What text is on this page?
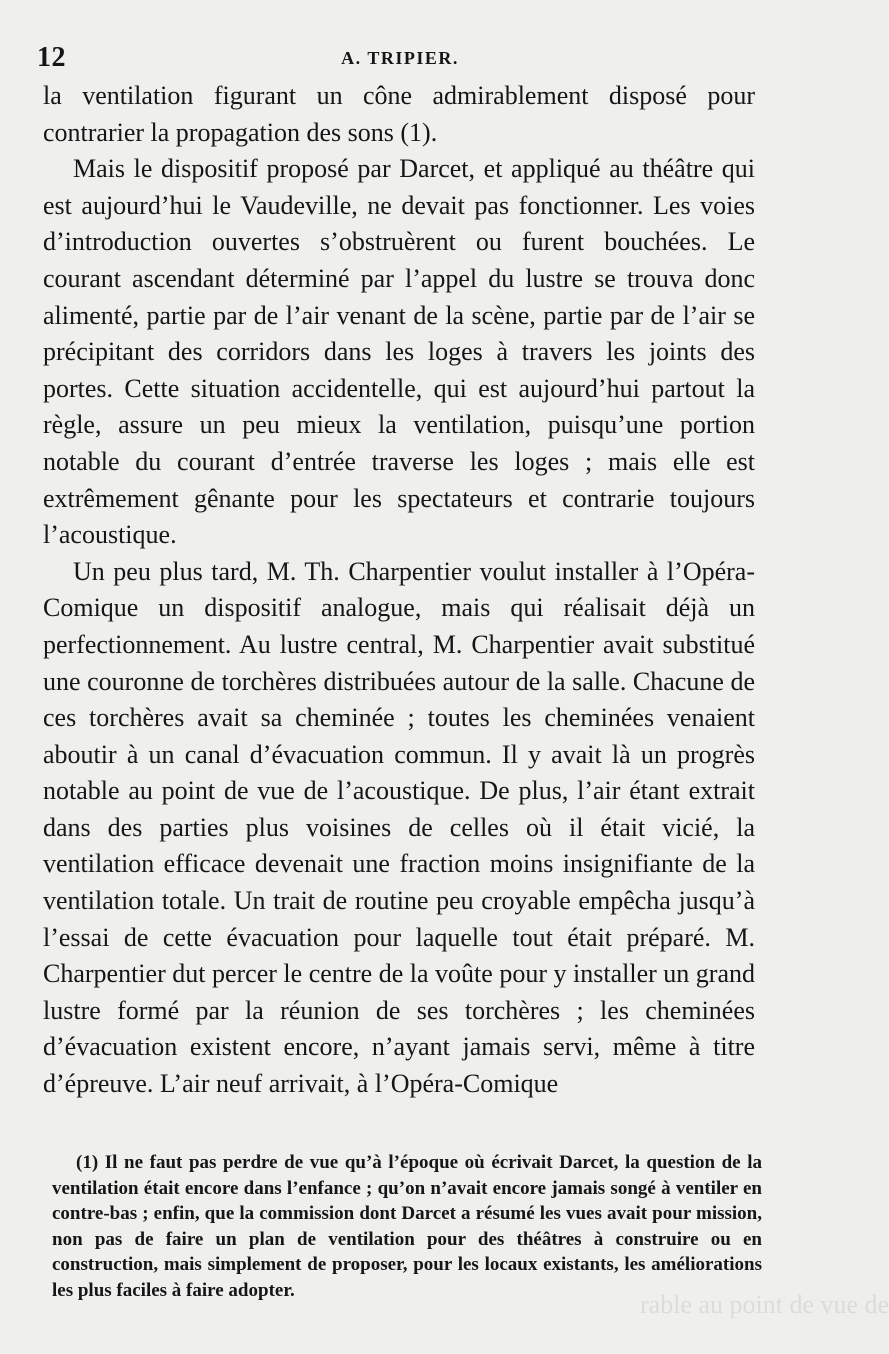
rable au point de vue de
12	A. TRIPIER.

la ventilation figurant un cône admirablement disposé pour contrarier la propagation des sons (1).

Mais le dispositif proposé par Darcet, et appliqué au théâtre qui est aujourd’hui le Vaudeville, ne devait pas fonctionner. Les voies d’introduction ouvertes s’obstruèrent ou furent bouchées. Le courant ascendant déterminé par l’appel du lustre se trouva donc alimenté, partie par de l’air venant de la scène, partie par de l’air se précipitant des corridors dans les loges à travers les joints des portes. Cette situation accidentelle, qui est aujourd’hui partout la règle, assure un peu mieux la ventilation, puisqu’une portion notable du courant d’entrée traverse les loges ; mais elle est extrêmement gênante pour les spectateurs et contrarie toujours l’acoustique.

Un peu plus tard, M. Th. Charpentier voulut installer à l’Opéra-Comique un dispositif analogue, mais qui réalisait déjà un perfectionnement. Au lustre central, M. Charpentier avait substitué une couronne de torchères distribuées autour de la salle. Chacune de ces torchères avait sa cheminée ; toutes les cheminées venaient aboutir à un canal d’évacuation commun. Il y avait là un progrès notable au point de vue de l’acoustique. De plus, l’air étant extrait dans des parties plus voisines de celles où il était vicié, la ventilation efficace devenait une fraction moins insignifiante de la ventilation totale. Un trait de routine peu croyable empêcha jusqu’à l’essai de cette évacuation pour laquelle tout était préparé. M. Charpentier dut percer le centre de la voûte pour y installer un grand lustre formé par la réunion de ses torchères ; les cheminées d’évacuation existent encore, n’ayant jamais servi, même à titre d’épreuve. L’air neuf arrivait, à l’Opéra-Comique

(1) Il ne faut pas perdre de vue qu’à l’époque où écrivait Darcet, la question de la ventilation était encore dans l’enfance ; qu’on n’avait encore jamais songé à ventiler en contre-bas ; enfin, que la commission dont Darcet a résumé les vues avait pour mission, non pas de faire un plan de ventilation pour des théâtres à construire ou en construction, mais simplement de proposer, pour les locaux existants, les améliorations les plus faciles à faire adopter.
